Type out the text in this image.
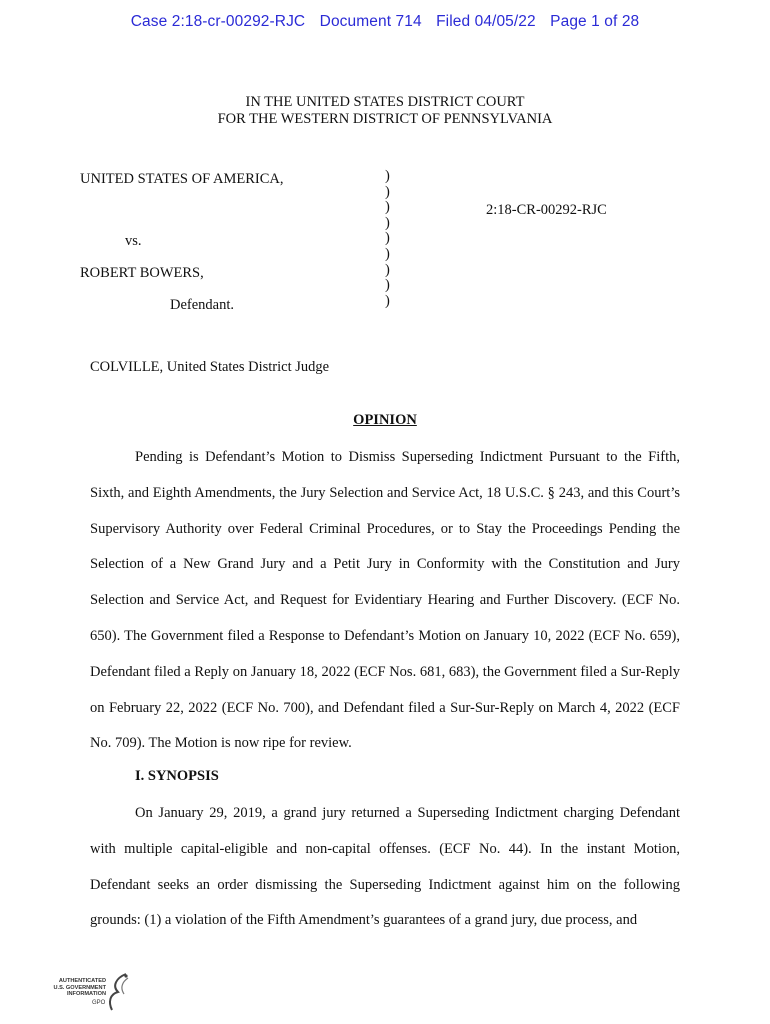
Case 2:18-cr-00292-RJC Document 714 Filed 04/05/22 Page 1 of 28
IN THE UNITED STATES DISTRICT COURT
FOR THE WESTERN DISTRICT OF PENNSYLVANIA
UNITED STATES OF AMERICA,
vs.
ROBERT BOWERS,
Defendant.
)
)
)
)
)
)
)
)
)
2:18-CR-00292-RJC
COLVILLE, United States District Judge
OPINION

Pending is Defendant’s Motion to Dismiss Superseding Indictment Pursuant to the Fifth, Sixth, and Eighth Amendments, the Jury Selection and Service Act, 18 U.S.C. § 243, and this Court’s Supervisory Authority over Federal Criminal Procedures, or to Stay the Proceedings Pending the Selection of a New Grand Jury and a Petit Jury in Conformity with the Constitution and Jury Selection and Service Act, and Request for Evidentiary Hearing and Further Discovery. (ECF No. 650). The Government filed a Response to Defendant’s Motion on January 10, 2022 (ECF No. 659), Defendant filed a Reply on January 18, 2022 (ECF Nos. 681, 683), the Government filed a Sur-Reply on February 22, 2022 (ECF No. 700), and Defendant filed a Sur-Sur-Reply on March 4, 2022 (ECF No. 709). The Motion is now ripe for review.

I. SYNOPSIS

On January 29, 2019, a grand jury returned a Superseding Indictment charging Defendant with multiple capital-eligible and non-capital offenses. (ECF No. 44). In the instant Motion, Defendant seeks an order dismissing the Superseding Indictment against him on the following grounds: (1) a violation of the Fifth Amendment’s guarantees of a grand jury, due process, and

AUTHENTICATED
U.S. GOVERNMENT
INFORMATION
GPO
